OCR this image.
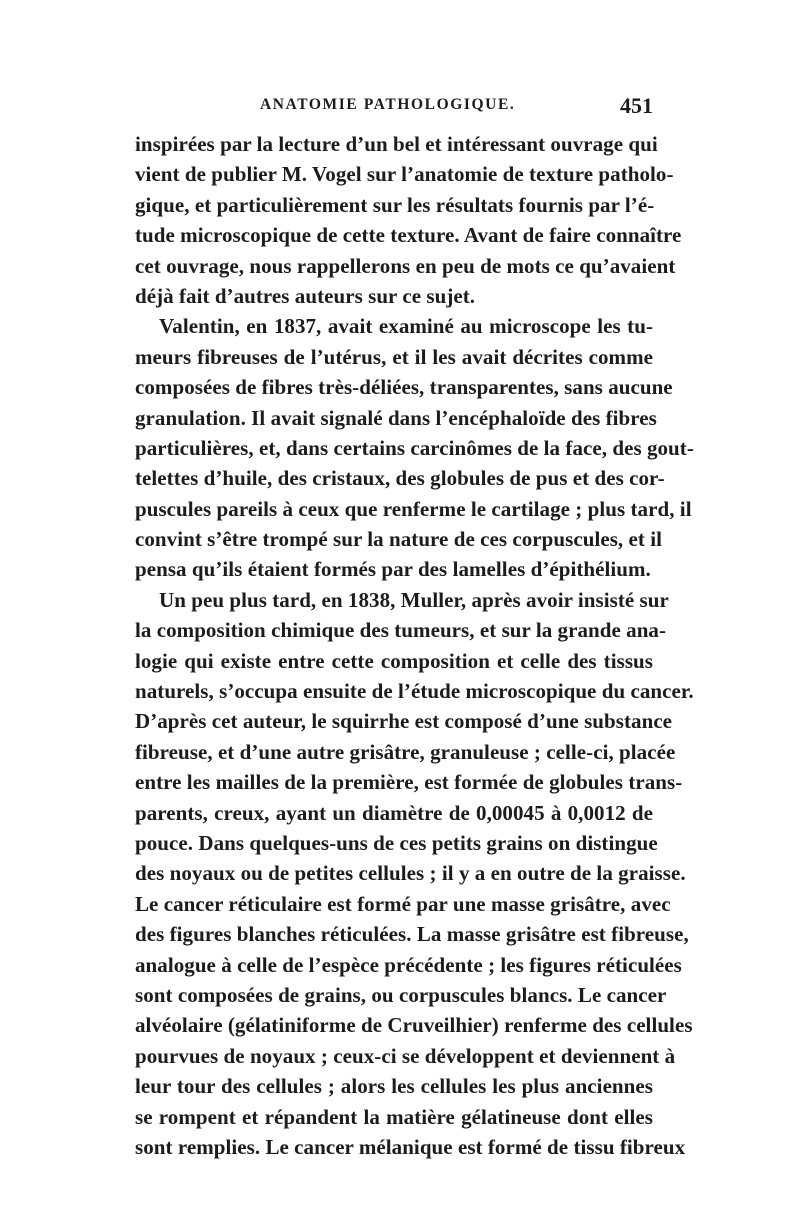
ANATOMIE PATHOLOGIQUE.	451
inspirées par la lecture d’un bel et intéressant ouvrage qui
vient de publier M. Vogel sur l’anatomie de texture patholo-
gique, et particulièrement sur les résultats fournis par l’é-
tude microscopique de cette texture. Avant de faire connaître
cet ouvrage, nous rappellerons en peu de mots ce qu’avaient
déjà fait d’autres auteurs sur ce sujet.
Valentin, en 1837, avait examiné au microscope les tu-
meurs fibreuses de l’utérus, et il les avait décrites comme
composées de fibres très-déliées, transparentes, sans aucune
granulation. Il avait signalé dans l’encéphaloïde des fibres
particulières, et, dans certains carcinômes de la face, des gout-
telettes d’huile, des cristaux, des globules de pus et des cor-
puscules pareils à ceux que renferme le cartilage ; plus tard, il
convint s’être trompé sur la nature de ces corpuscules, et il
pensa qu’ils étaient formés par des lamelles d’épithélium.
Un peu plus tard, en 1838, Muller, après avoir insisté sur
la composition chimique des tumeurs, et sur la grande ana-
logie qui existe entre cette composition et celle des tissus
naturels, s’occupa ensuite de l’étude microscopique du cancer.
D’après cet auteur, le squirrhe est composé d’une substance
fibreuse, et d’une autre grisâtre, granuleuse ; celle-ci, placée
entre les mailles de la première, est formée de globules trans-
parents, creux, ayant un diamètre de 0,00045 à 0,0012 de
pouce. Dans quelques-uns de ces petits grains on distingue
des noyaux ou de petites cellules ; il y a en outre de la graisse.
Le cancer réticulaire est formé par une masse grisâtre, avec
des figures blanches réticulées. La masse grisâtre est fibreuse,
analogue à celle de l’espèce précédente ; les figures réticulées
sont composées de grains, ou corpuscules blancs. Le cancer
alvéolaire (gélatiniforme de Cruveilhier) renferme des cellules
pourvues de noyaux ; ceux-ci se développent et deviennent à
leur tour des cellules ; alors les cellules les plus anciennes
se rompent et répandent la matière gélatineuse dont elles
sont remplies. Le cancer mélanique est formé de tissu fibreux
